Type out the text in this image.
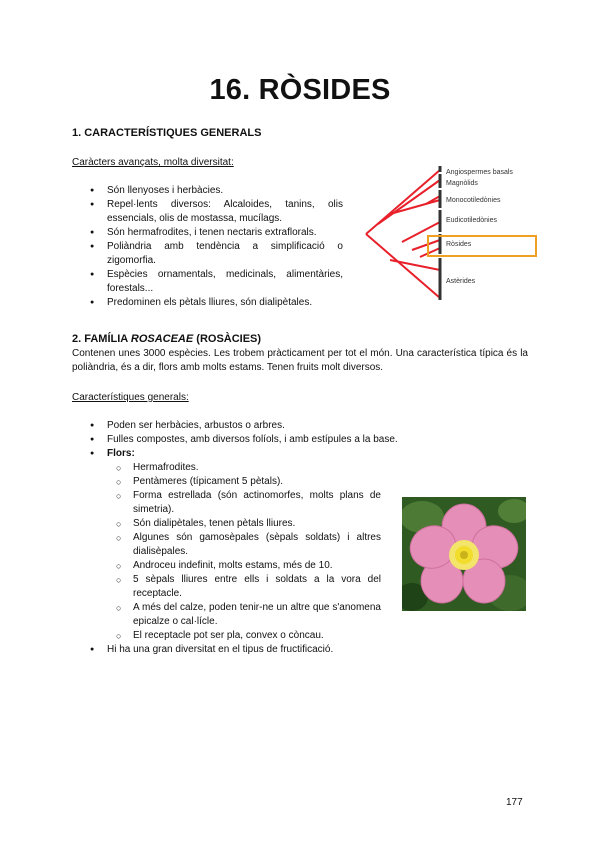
16. RÒSIDES
1. CARACTERÍSTIQUES GENERALS
Caràcters avançats, molta diversitat:
● Són llenyoses i herbàcies.
● Repel·lents diversos: Alcaloides, tanins, olis essencials, olis de mostassa, mucílags.
● Són hermafrodites, i tenen nectaris extraflorals.
● Poliàndria amb tendència a simplificació o zigomorfia.
● Espècies ornamentals, medicinals, alimentàries, forestals...
● Predominen els pètals lliures, són dialipètales.
Angiospermes basals
Magnòlids
Monocotiledònies
Eudicotiledònies
Ròsides
Astèrides
2. FAMÍLIA ROSACEAE (ROSÀCIES)
Contenen unes 3000 espècies. Les trobem pràcticament per tot el món. Una característica típica és la poliàndria, és a dir, flors amb molts estams. Tenen fruits molt diversos.
Característiques generals:
● Poden ser herbàcies, arbustos o arbres.
● Fulles compostes, amb diversos folíols, i amb estípules a la base.
● Flors:
○ Hermafrodites.
○ Pentàmeres (típicament 5 pètals).
○ Forma estrellada (són actinomorfes, molts plans de simetria).
○ Són dialipètales, tenen pètals lliures.
○ Algunes són gamosèpales (sèpals soldats) i altres dialisèpales.
○ Androceu indefinit, molts estams, més de 10.
○ 5 sèpals lliures entre ells i soldats a la vora del receptacle.
○ A més del calze, poden tenir-ne un altre que s'anomena epicalze o cal·lícle.
○ El receptacle pot ser pla, convex o còncau.
● Hi ha una gran diversitat en el tipus de fructificació.
177
